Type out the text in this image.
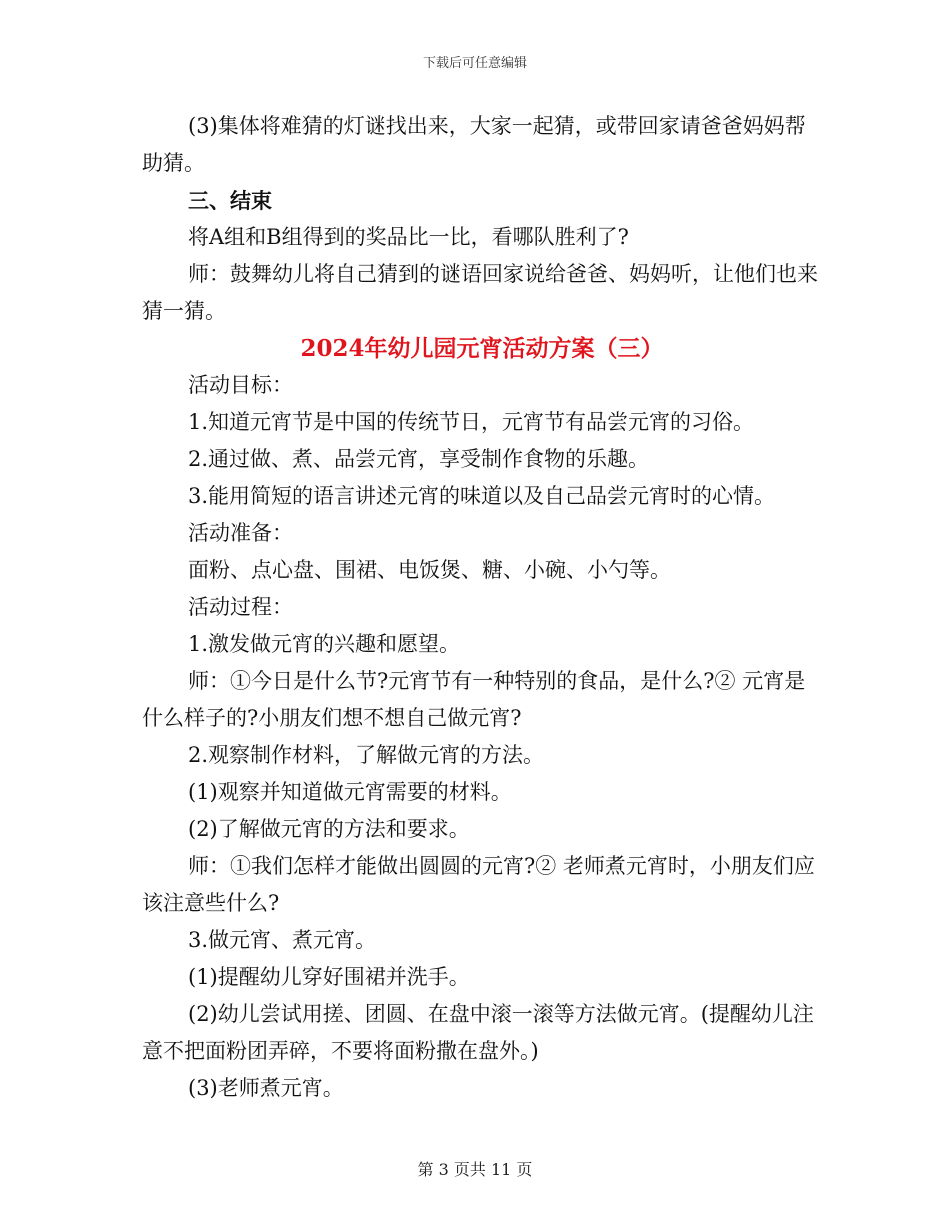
下载后可任意编辑

(3)集体将难猜的灯谜找出来，大家一起猜，或带回家请爸爸妈妈帮助猜。

三、结束

将A组和B组得到的奖品比一比，看哪队胜利了?

师：鼓舞幼儿将自己猜到的谜语回家说给爸爸、妈妈听，让他们也来猜一猜。

2024年幼儿园元宵活动方案（三）

活动目标：

1.知道元宵节是中国的传统节日，元宵节有品尝元宵的习俗。

2.通过做、煮、品尝元宵，享受制作食物的乐趣。

3.能用简短的语言讲述元宵的味道以及自己品尝元宵时的心情。

活动准备：

面粉、点心盘、围裙、电饭煲、糖、小碗、小勺等。

活动过程：

1.激发做元宵的兴趣和愿望。

师：①今日是什么节?元宵节有一种特别的食品，是什么?② 元宵是什么样子的?小朋友们想不想自己做元宵?

2.观察制作材料，了解做元宵的方法。

(1)观察并知道做元宵需要的材料。

(2)了解做元宵的方法和要求。

师：①我们怎样才能做出圆圆的元宵?② 老师煮元宵时，小朋友们应该注意些什么?

3.做元宵、煮元宵。

(1)提醒幼儿穿好围裙并洗手。

(2)幼儿尝试用搓、团圆、在盘中滚一滚等方法做元宵。(提醒幼儿注意不把面粉团弄碎，不要将面粉撒在盘外。)

(3)老师煮元宵。

第 3 页共 11 页
